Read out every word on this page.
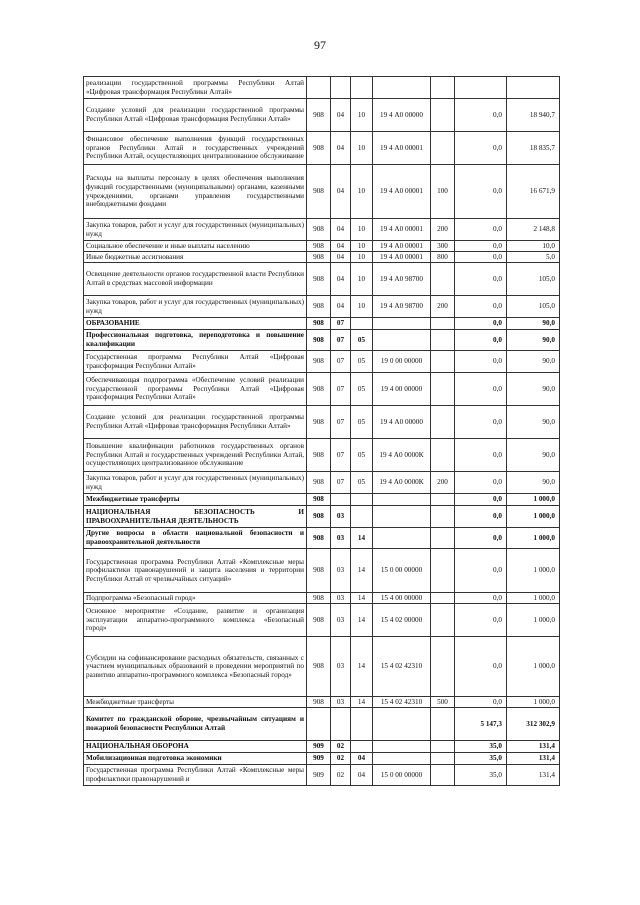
97
реализации государственной программы Республики Алтай «Цифровая трансформация Республики Алтай»							
Создание условий для реализации государственной программы Республики Алтай «Цифровая трансформация Республики Алтай»	908	04	10	19 4 А0 00000		0,0	18 940,7
Финансовое обеспечение выполнения функций государственных органов Республики Алтай и государственных учреждений Республики Алтай, осуществляющих централизованное обслуживание	908	04	10	19 4 А0 00001		0,0	18 835,7
Расходы на выплаты персоналу в целях обеспечения выполнения функций государственными (муниципальными) органами, казенными учреждениями, органами управления государственными внебюджетными фондами	908	04	10	19 4 А0 00001	100	0,0	16 671,9
Закупка товаров, работ и услуг для государственных (муниципальных) нужд	908	04	10	19 4 А0 00001	200	0,0	2 148,8
Социальное обеспечение и иные выплаты населению	908	04	10	19 4 А0 00001	300	0,0	10,0
Иные бюджетные ассигнования	908	04	10	19 4 А0 00001	800	0,0	5,0
Освещение деятельности органов государственной власти Республики Алтай в средствах массовой информации	908	04	10	19 4 А0 98700		0,0	105,0
Закупка товаров, работ и услуг для государственных (муниципальных) нужд	908	04	10	19 4 А0 98700	200	0,0	105,0
ОБРАЗОВАНИЕ	908	07				0,0	90,0
Профессиональная подготовка, переподготовка и повышение квалификации	908	07	05			0,0	90,0
Государственная программа Республики Алтай «Цифровая трансформация Республики Алтай»	908	07	05	19 0 00 00000		0,0	90,0
Обеспечивающая подпрограмма «Обеспечение условий реализации государственной программы Республики Алтай «Цифровая трансформация Республики Алтай»	908	07	05	19 4 00 00000		0,0	90,0
Создание условий для реализации государственной программы Республики Алтай «Цифровая трансформация Республики Алтай»	908	07	05	19 4 А0 00000		0,0	90,0
Повышение квалификации работников государственных органов Республики Алтай и государственных учреждений Республики Алтай, осуществляющих централизованное обслуживание	908	07	05	19 4 А0 0000К		0,0	90,0
Закупка товаров, работ и услуг для государственных (муниципальных) нужд	908	07	05	19 4 А0 0000К	200	0,0	90,0
Межбюджетные трансферты	908					0,0	1 000,0
НАЦИОНАЛЬНАЯ БЕЗОПАСНОСТЬ И ПРАВООХРАНИТЕЛЬНАЯ ДЕЯТЕЛЬНОСТЬ	908	03				0,0	1 000,0
Другие вопросы в области национальной безопасности и правоохранительной деятельности	908	03	14			0,0	1 000,0
Государственная программа Республики Алтай «Комплексные меры профилактики правонарушений и защита населения и территории Республики Алтай от чрезвычайных ситуаций»	908	03	14	15 0 00 00000		0,0	1 000,0
Подпрограмма «Безопасный город»	908	03	14	15 4 00 00000		0,0	1 000,0
Основное мероприятие «Создание, развитие и организация эксплуатации аппаратно-программного комплекса «Безопасный город»	908	03	14	15 4 02 00000		0,0	1 000,0
Субсидии на софинансирование расходных обязательств, связанных с участием муниципальных образований в проведении мероприятий по развитию аппаратно-программного комплекса «Безопасный город»	908	03	14	15 4 02 42310		0,0	1 000,0
Межбюджетные трансферты	908	03	14	15 4 02 42310	500	0,0	1 000,0
Комитет по гражданской обороне, чрезвычайным ситуациям и пожарной безопасности Республики Алтай						5 147,3	312 302,9
НАЦИОНАЛЬНАЯ ОБОРОНА	909	02				35,0	131,4
Мобилизационная подготовка экономики	909	02	04			35,0	131,4
Государственная программа Республики Алтай «Комплексные меры профилактики правонарушений и	909	02	04	15 0 00 00000		35,0	131,4
